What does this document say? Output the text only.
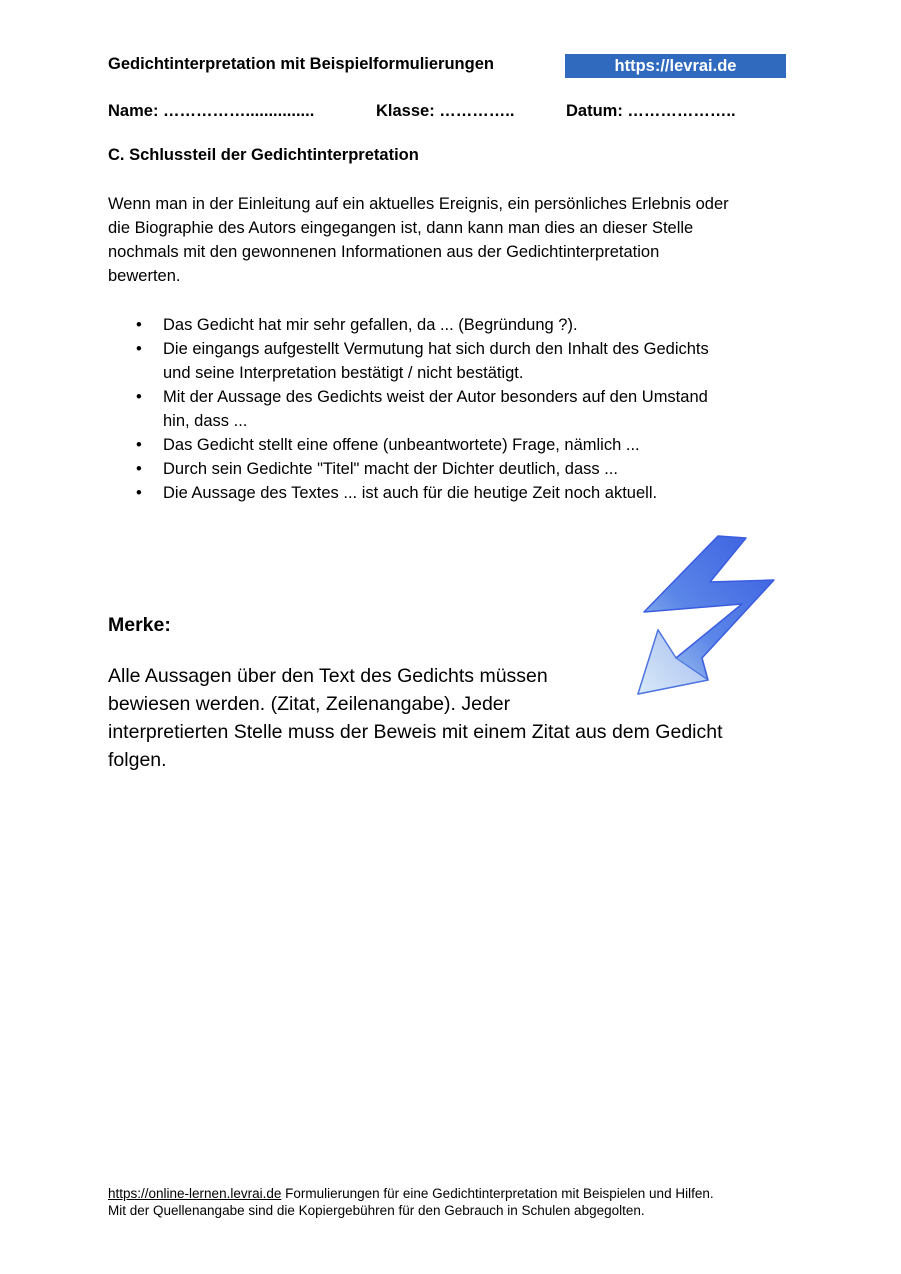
Gedichtinterpretation mit Beispielformulierungen	https://levrai.de
Name: ……………...............	Klasse: …………..	Datum: ………………..
C. Schlussteil der Gedichtinterpretation
Wenn man in der Einleitung auf ein aktuelles Ereignis, ein persönliches Erlebnis oder
die Biographie des Autors eingegangen ist, dann kann man dies an dieser Stelle
nochmals mit den gewonnenen Informationen aus der Gedichtinterpretation
bewerten.
• Das Gedicht hat mir sehr gefallen, da ... (Begründung ?).
• Die eingangs aufgestellt Vermutung hat sich durch den Inhalt des Gedichts
und seine Interpretation bestätigt / nicht bestätigt.
• Mit der Aussage des Gedichts weist der Autor besonders auf den Umstand
hin, dass ...
• Das Gedicht stellt eine offene (unbeantwortete) Frage, nämlich ...
• Durch sein Gedichte "Titel" macht der Dichter deutlich, dass ...
• Die Aussage des Textes ... ist auch für die heutige Zeit noch aktuell.
Merke:
Alle Aussagen über den Text des Gedichts müssen
bewiesen werden. (Zitat, Zeilenangabe). Jeder
interpretierten Stelle muss der Beweis mit einem Zitat aus dem Gedicht
folgen.
https://online-lernen.levrai.de Formulierungen für eine Gedichtinterpretation mit Beispielen und Hilfen.
Mit der Quellenangabe sind die Kopiergebühren für den Gebrauch in Schulen abgegolten.
